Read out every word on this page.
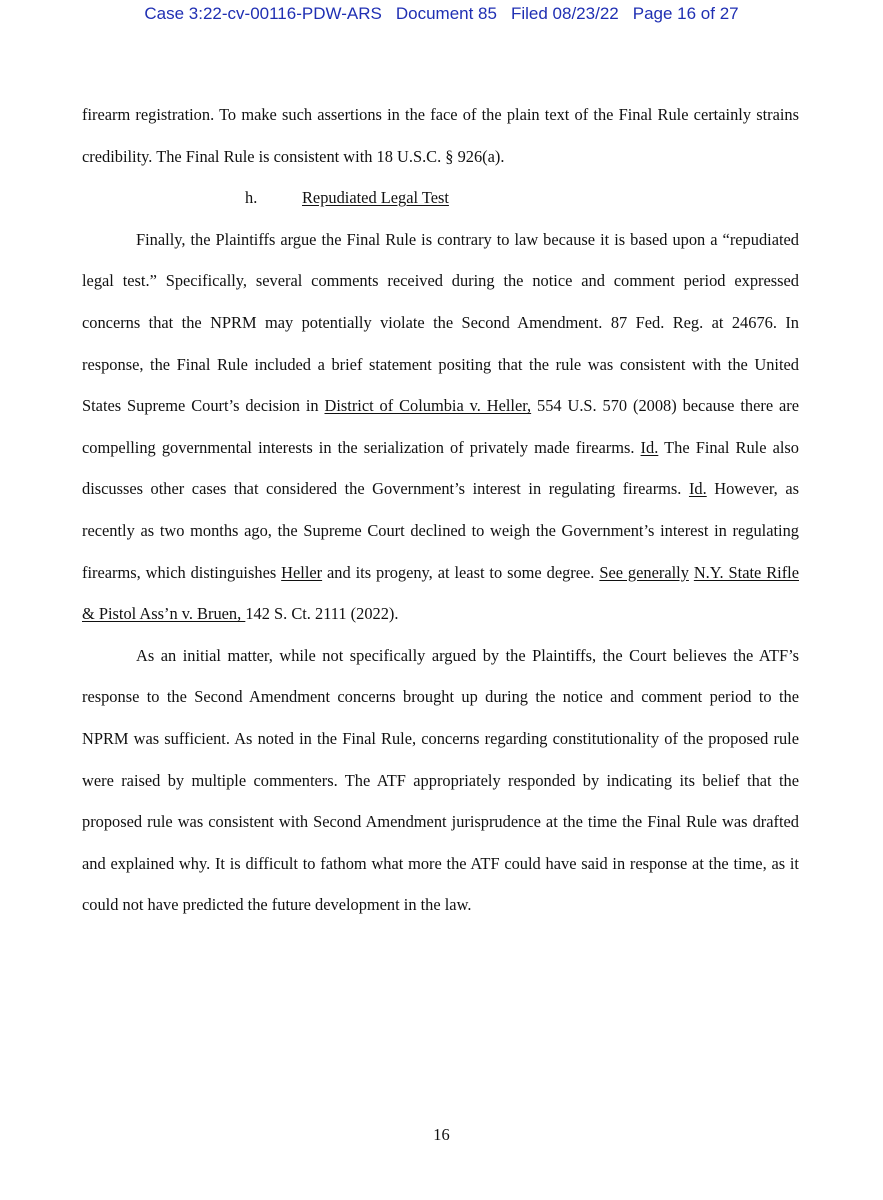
Case 3:22-cv-00116-PDW-ARS Document 85 Filed 08/23/22 Page 16 of 27

firearm registration. To make such assertions in the face of the plain text of the Final Rule certainly strains credibility. The Final Rule is consistent with 18 U.S.C. § 926(a).

h.	Repudiated Legal Test

Finally, the Plaintiffs argue the Final Rule is contrary to law because it is based upon a “repudiated legal test.” Specifically, several comments received during the notice and comment period expressed concerns that the NPRM may potentially violate the Second Amendment. 87 Fed. Reg. at 24676. In response, the Final Rule included a brief statement positing that the rule was consistent with the United States Supreme Court’s decision in District of Columbia v. Heller, 554 U.S. 570 (2008) because there are compelling governmental interests in the serialization of privately made firearms. Id. The Final Rule also discusses other cases that considered the Government’s interest in regulating firearms. Id. However, as recently as two months ago, the Supreme Court declined to weigh the Government’s interest in regulating firearms, which distinguishes Heller and its progeny, at least to some degree. See generally N.Y. State Rifle & Pistol Ass’n v. Bruen, 142 S. Ct. 2111 (2022).

As an initial matter, while not specifically argued by the Plaintiffs, the Court believes the ATF’s response to the Second Amendment concerns brought up during the notice and comment period to the NPRM was sufficient. As noted in the Final Rule, concerns regarding constitutionality of the proposed rule were raised by multiple commenters. The ATF appropriately responded by indicating its belief that the proposed rule was consistent with Second Amendment jurisprudence at the time the Final Rule was drafted and explained why. It is difficult to fathom what more the ATF could have said in response at the time, as it could not have predicted the future development in the law.

16
